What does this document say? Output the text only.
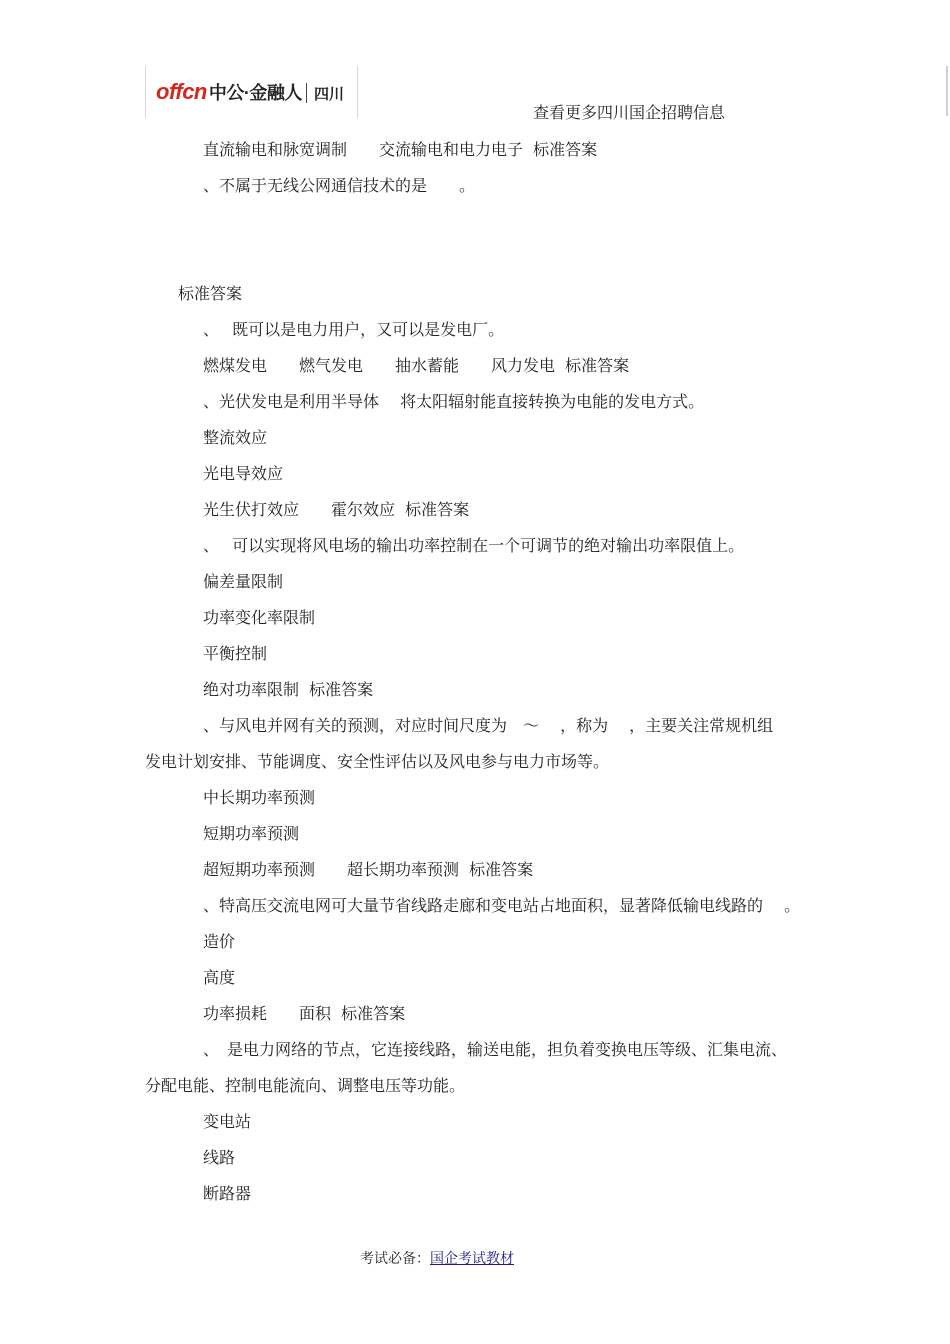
offcn 中公·金融人 四川
查看更多四川国企招聘信息
直流输电和脉宽调制　　交流输电和电力电子  标准答案
、不属于无线公网通信技术的是　　。
标准答案
、　 既可以是电力用户，又可以是发电厂。
燃煤发电　　燃气发电　　抽水蓄能　　风力发电  标准答案
、光伏发电是利用半导体　 将太阳辐射能直接转换为电能的发电方式。
整流效应
光电导效应
光生伏打效应　　霍尔效应  标准答案
、　 可以实现将风电场的输出功率控制在一个可调节的绝对输出功率限值上。
偏差量限制
功率变化率限制
平衡控制
绝对功率限制  标准答案
、与风电并网有关的预测，对应时间尺度为　～　 ，称为　 ，主要关注常规机组
发电计划安排、节能调度、安全性评估以及风电参与电力市场等。
中长期功率预测
短期功率预测
超短期功率预测　　超长期功率预测  标准答案
、特高压交流电网可大量节省线路走廊和变电站占地面积，显著降低输电线路的　 。
造价
高度
功率损耗　　面积  标准答案
、　是电力网络的节点，它连接线路，输送电能，担负着变换电压等级、汇集电流、
分配电能、控制电能流向、调整电压等功能。
变电站
线路
断路器
考试必备：国企考试教材
